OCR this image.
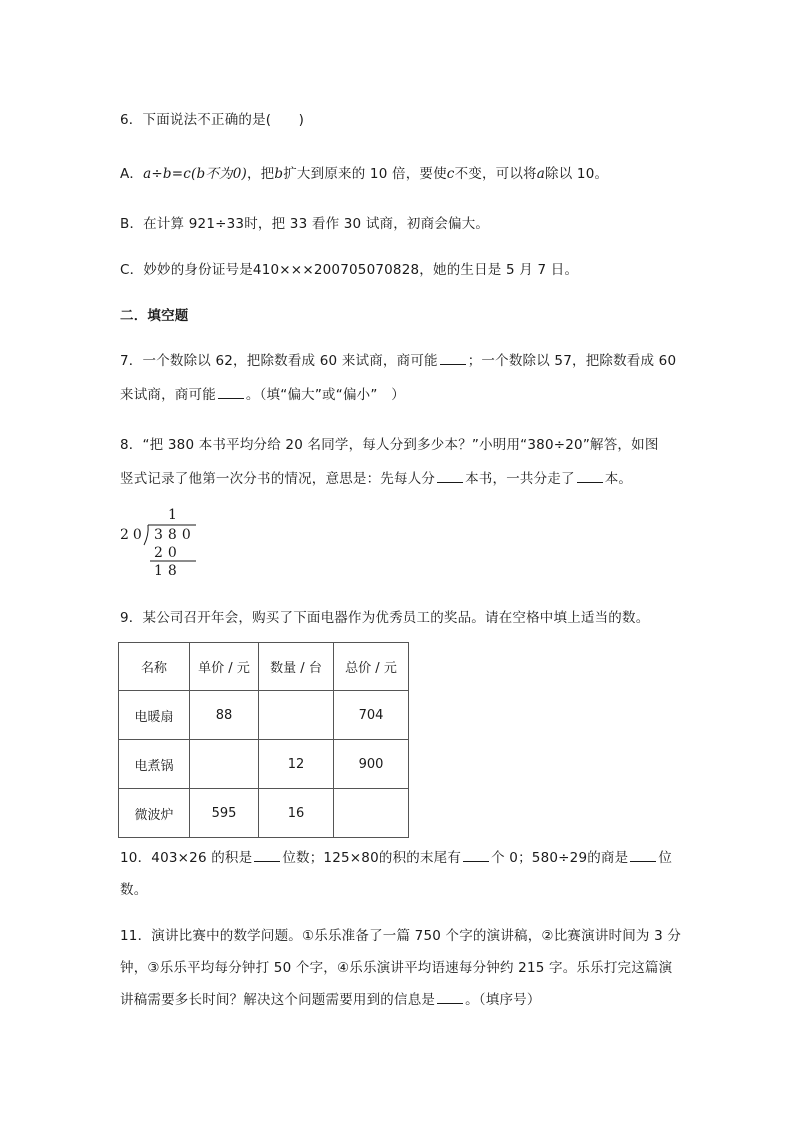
6．下面说法不正确的是(　　)
A．a÷b=c(b不为0)，把b扩大到原来的 10 倍，要使c不变，可以将a除以 10。
B．在计算 921÷33时，把 33 看作 30 试商，初商会偏大。
C．妙妙的身份证号是410×××200705070828，她的生日是 5 月 7 日。
二．填空题
7．一个数除以 62，把除数看成 60 来试商，商可能 ；一个数除以 57，把除数看成 60
来试商，商可能 。（填“偏大”或“偏小”　）
8．“把 380 本书平均分给 20 名同学，每人分到多少本？”小明用“380÷20”解答，如图
竖式记录了他第一次分书的情况，意思是：先每人分 本书，一共分走了 本。
1
20 380
20
18
9．某公司召开年会，购买了下面电器作为优秀员工的奖品。请在空格中填上适当的数。
名称	单价 / 元	数量 / 台	总价 / 元
电暖扇	88		704
电煮锅		12	900
微波炉	595	16	
10．403×26 的积是 位数；125×80的积的末尾有 个 0；580÷29的商是 位
数。
11．演讲比赛中的数学问题。①乐乐准备了一篇 750 个字的演讲稿，②比赛演讲时间为 3 分
钟，③乐乐平均每分钟打 50 个字，④乐乐演讲平均语速每分钟约 215 字。乐乐打完这篇演
讲稿需要多长时间？解决这个问题需要用到的信息是 。（填序号）
